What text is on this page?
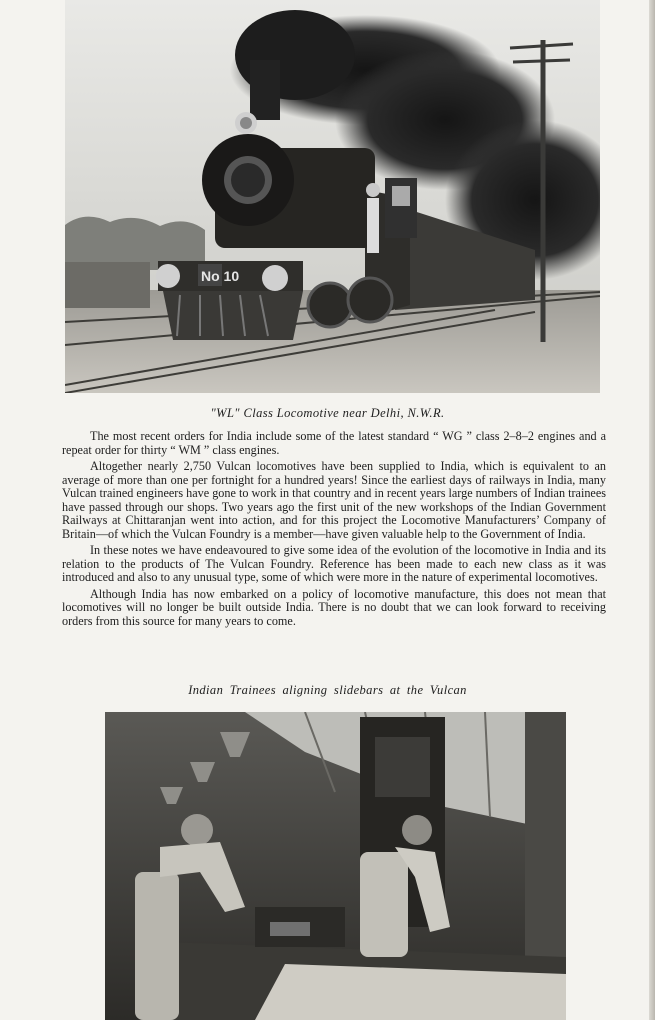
No 10
"WL" Class Locomotive near Delhi, N.W.R.

The most recent orders for India include some of the latest standard “ WG ” class 2–8–2 engines and a repeat order for thirty “ WM ” class engines.

Altogether nearly 2,750 Vulcan locomotives have been supplied to India, which is equivalent to an average of more than one per fortnight for a hundred years! Since the earliest days of railways in India, many Vulcan trained engineers have gone to work in that country and in recent years large numbers of Indian trainees have passed through our shops. Two years ago the first unit of the new workshops of the Indian Government Railways at Chittaranjan went into action, and for this project the Locomotive Manufacturers’ Company of Britain—of which the Vulcan Foundry is a member—have given valuable help to the Government of India.

In these notes we have endeavoured to give some idea of the evolution of the locomotive in India and its relation to the products of The Vulcan Foundry. Reference has been made to each new class as it was introduced and also to any unusual type, some of which were more in the nature of experimental locomotives.

Although India has now embarked on a policy of locomotive manufacture, this does not mean that locomotives will no longer be built outside India. There is no doubt that we can look forward to receiving orders from this source for many years to come.

Indian Trainees aligning slidebars at the Vulcan
